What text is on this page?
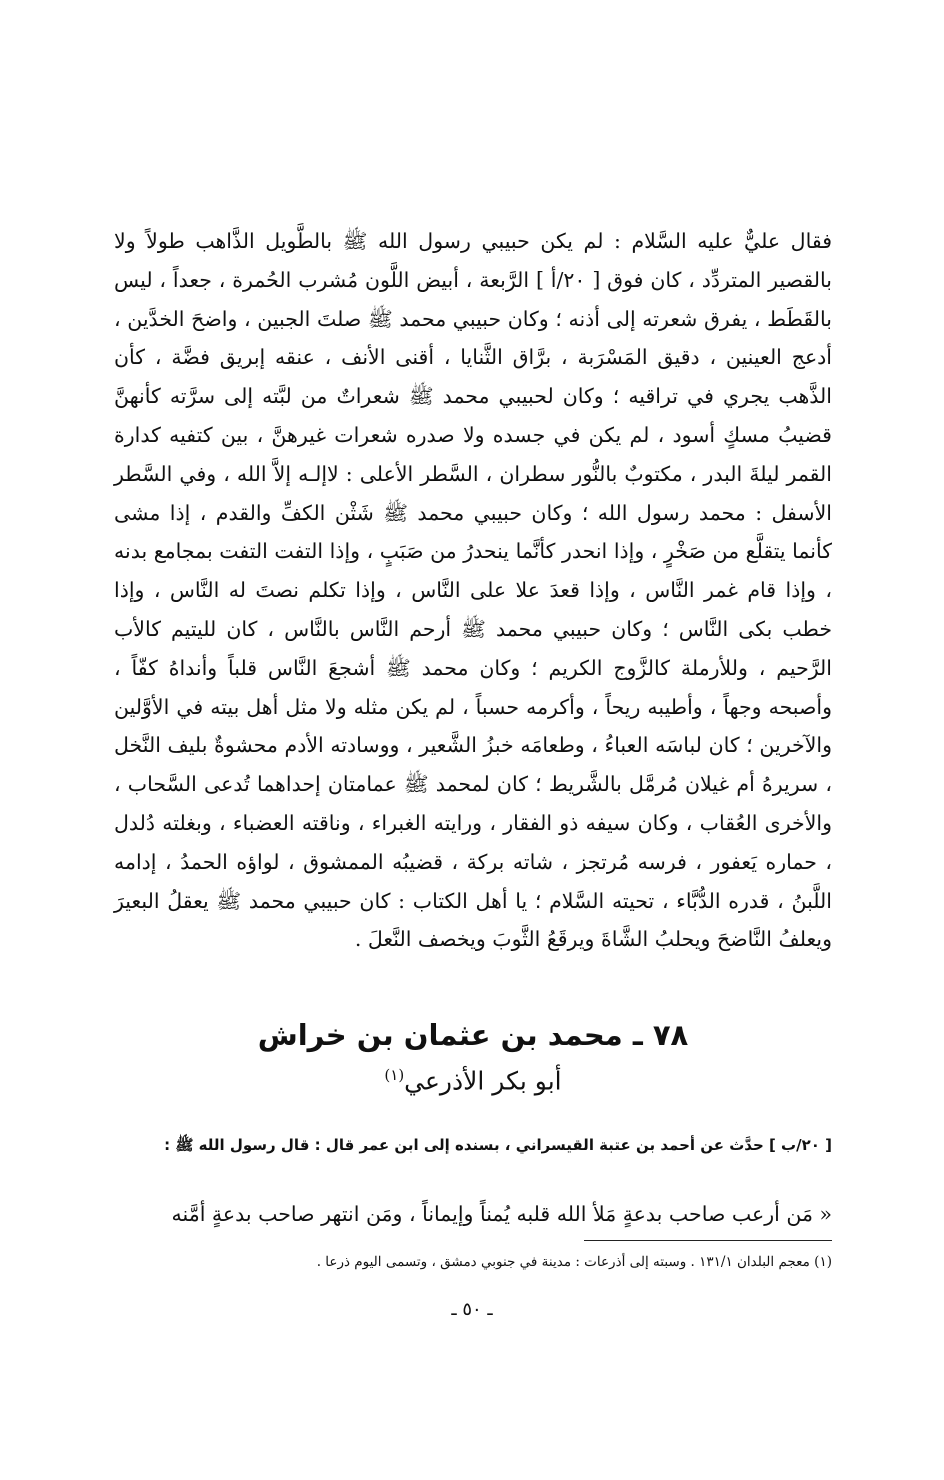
فقال عليٌّ عليه السَّلام : لم يكن حبيبي رسول الله ﷺ بالطَّويل الذَّاهب طولاً ولا بالقصير المتردِّد ، كان فوق [ ٢٠/أ ] الرَّبعة ، أبيض اللَّون مُشرب الحُمرة ، جعداً ، ليس بالقَطَط ، يفرق شعرته إلى أذنه ؛ وكان حبيبي محمد ﷺ صلتَ الجبين ، واضحَ الخدَّين ، أدعج العينين ، دقيق المَسْرَبة ، برَّاق الثَّنايا ، أقنى الأنف ، عنقه إبريق فضَّة ، كأن الذَّهب يجري في تراقيه ؛ وكان لحبيبي محمد ﷺ شعراتٌ من لبَّته إلى سرَّته كأنهنَّ قضيبُ مسكٍ أسود ، لم يكن في جسده ولا صدره شعرات غيرهنَّ ، بين كتفيه كدارة القمر ليلةَ البدر ، مكتوبٌ بالنُّور سطران ، السَّطر الأعلى : لاإلـه إلاَّ الله ، وفي السَّطر الأسفل : محمد رسول الله ؛ وكان حبيبي محمد ﷺ شَثْن الكفِّ والقدم ، إذا مشى كأنما يتقلَّع من صَخْرٍ ، وإذا انحدر كأنَّما ينحدرُ من صَبَبٍ ، وإذا التفت التفت بمجامع بدنه ، وإذا قام غمر النَّاس ، وإذا قعدَ علا على النَّاس ، وإذا تكلم نصتَ له النَّاس ، وإذا خطب بكى النَّاس ؛ وكان حبيبي محمد ﷺ أرحم النَّاس بالنَّاس ، كان لليتيم كالأب الرَّحيم ، وللأرملة كالزَّوج الكريم ؛ وكان محمد ﷺ أشجعَ النَّاس قلباً وأنداهُ كفّاً ، وأصبحه وجهاً ، وأطيبه ريحاً ، وأكرمه حسباً ، لم يكن مثله ولا مثل أهل بيته في الأوَّلين والآخرين ؛ كان لباسَه العباءُ ، وطعامَه خبزُ الشَّعير ، ووسادته الأدم محشوةٌ بليف النَّخل ، سريرهُ أم غيلان مُرمَّل بالشَّريط ؛ كان لمحمد ﷺ عمامتان إحداهما تُدعى السَّحاب ، والأخرى العُقاب ، وكان سيفه ذو الفقار ، ورايته الغبراء ، وناقته العضباء ، وبغلته دُلدل ، حماره يَعفور ، فرسه مُرتجز ، شاته بركة ، قضيبُه الممشوق ، لواؤه الحمدُ ، إدامه اللَّبنُ ، قدره الدُّبَّاء ، تحيته السَّلام ؛ يا أهل الكتاب : كان حبيبي محمد ﷺ يعقلُ البعيرَ ويعلفُ النَّاضحَ ويحلبُ الشَّاةَ ويرقَعُ الثَّوبَ ويخصف النَّعلَ .

٧٨ ـ محمد بن عثمان بن خراش
أبو بكر الأذرعي$^{(١)}$
[ ٢٠/ب ] حدَّث عن أحمد بن عتبة القيسراني ، بسنده إلى ابن عمر قال : قال رسول الله ﷺ :
« مَن أرعب صاحب بدعةٍ مَلأ الله قلبه يُمناً وإيماناً ، ومَن انتهر صاحب بدعةٍ أمَّنه
(١) معجم البلدان ١٣١/١ . وسبته إلى أذرعات : مدينة في جنوبي دمشق ، وتسمى اليوم ذرعا .
ـ ٥٠ ـ
